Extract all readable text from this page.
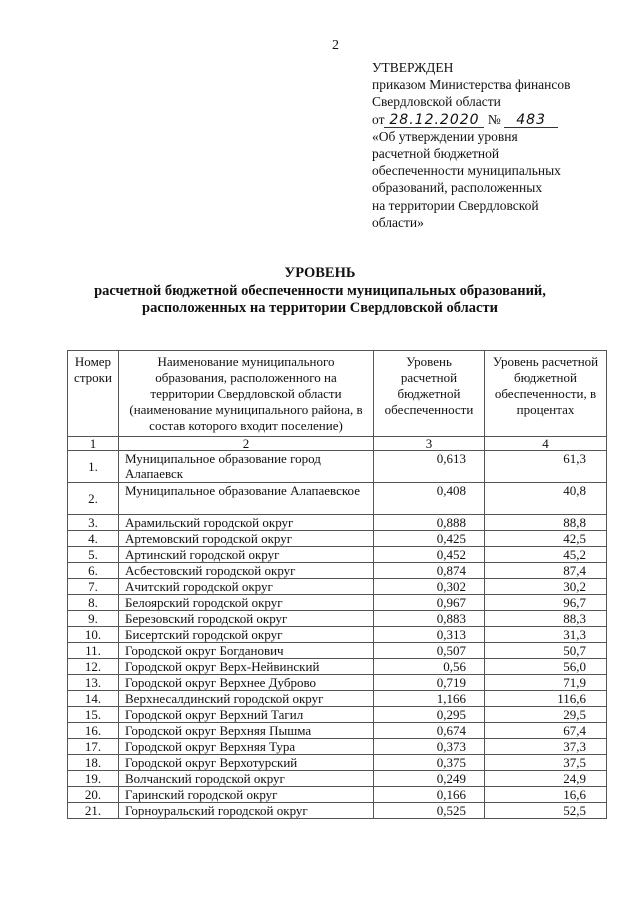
2
УТВЕРЖДЕН
приказом Министерства финансов
Свердловской области
от 28.12.2020 № 483
«Об утверждении уровня
расчетной бюджетной
обеспеченности муниципальных
образований, расположенных
на территории Свердловской
области»
УРОВЕНЬ
расчетной бюджетной обеспеченности муниципальных образований,
расположенных на территории Свердловской области
Номер строки	Наименование муниципального образования, расположенного на территории Свердловской области (наименование муниципального района, в состав которого входит поселение)	Уровень расчетной бюджетной обеспеченности	Уровень расчетной бюджетной обеспеченности, в процентах
1	2	3	4
1.	Муниципальное образование город Алапаевск	0,613	61,3
2.	Муниципальное образование Алапаевское	0,408	40,8
3.	Арамильский городской округ	0,888	88,8
4.	Артемовский городской округ	0,425	42,5
5.	Артинский городской округ	0,452	45,2
6.	Асбестовский городской округ	0,874	87,4
7.	Ачитский городской округ	0,302	30,2
8.	Белоярский городской округ	0,967	96,7
9.	Березовский городской округ	0,883	88,3
10.	Бисертский городской округ	0,313	31,3
11.	Городской округ Богданович	0,507	50,7
12.	Городской округ Верх-Нейвинский	0,56	56,0
13.	Городской округ Верхнее Дуброво	0,719	71,9
14.	Верхнесалдинский городской округ	1,166	116,6
15.	Городской округ Верхний Тагил	0,295	29,5
16.	Городской округ Верхняя Пышма	0,674	67,4
17.	Городской округ Верхняя Тура	0,373	37,3
18.	Городской округ Верхотурский	0,375	37,5
19.	Волчанский городской округ	0,249	24,9
20.	Гаринский городской округ	0,166	16,6
21.	Горноуральский городской округ	0,525	52,5
